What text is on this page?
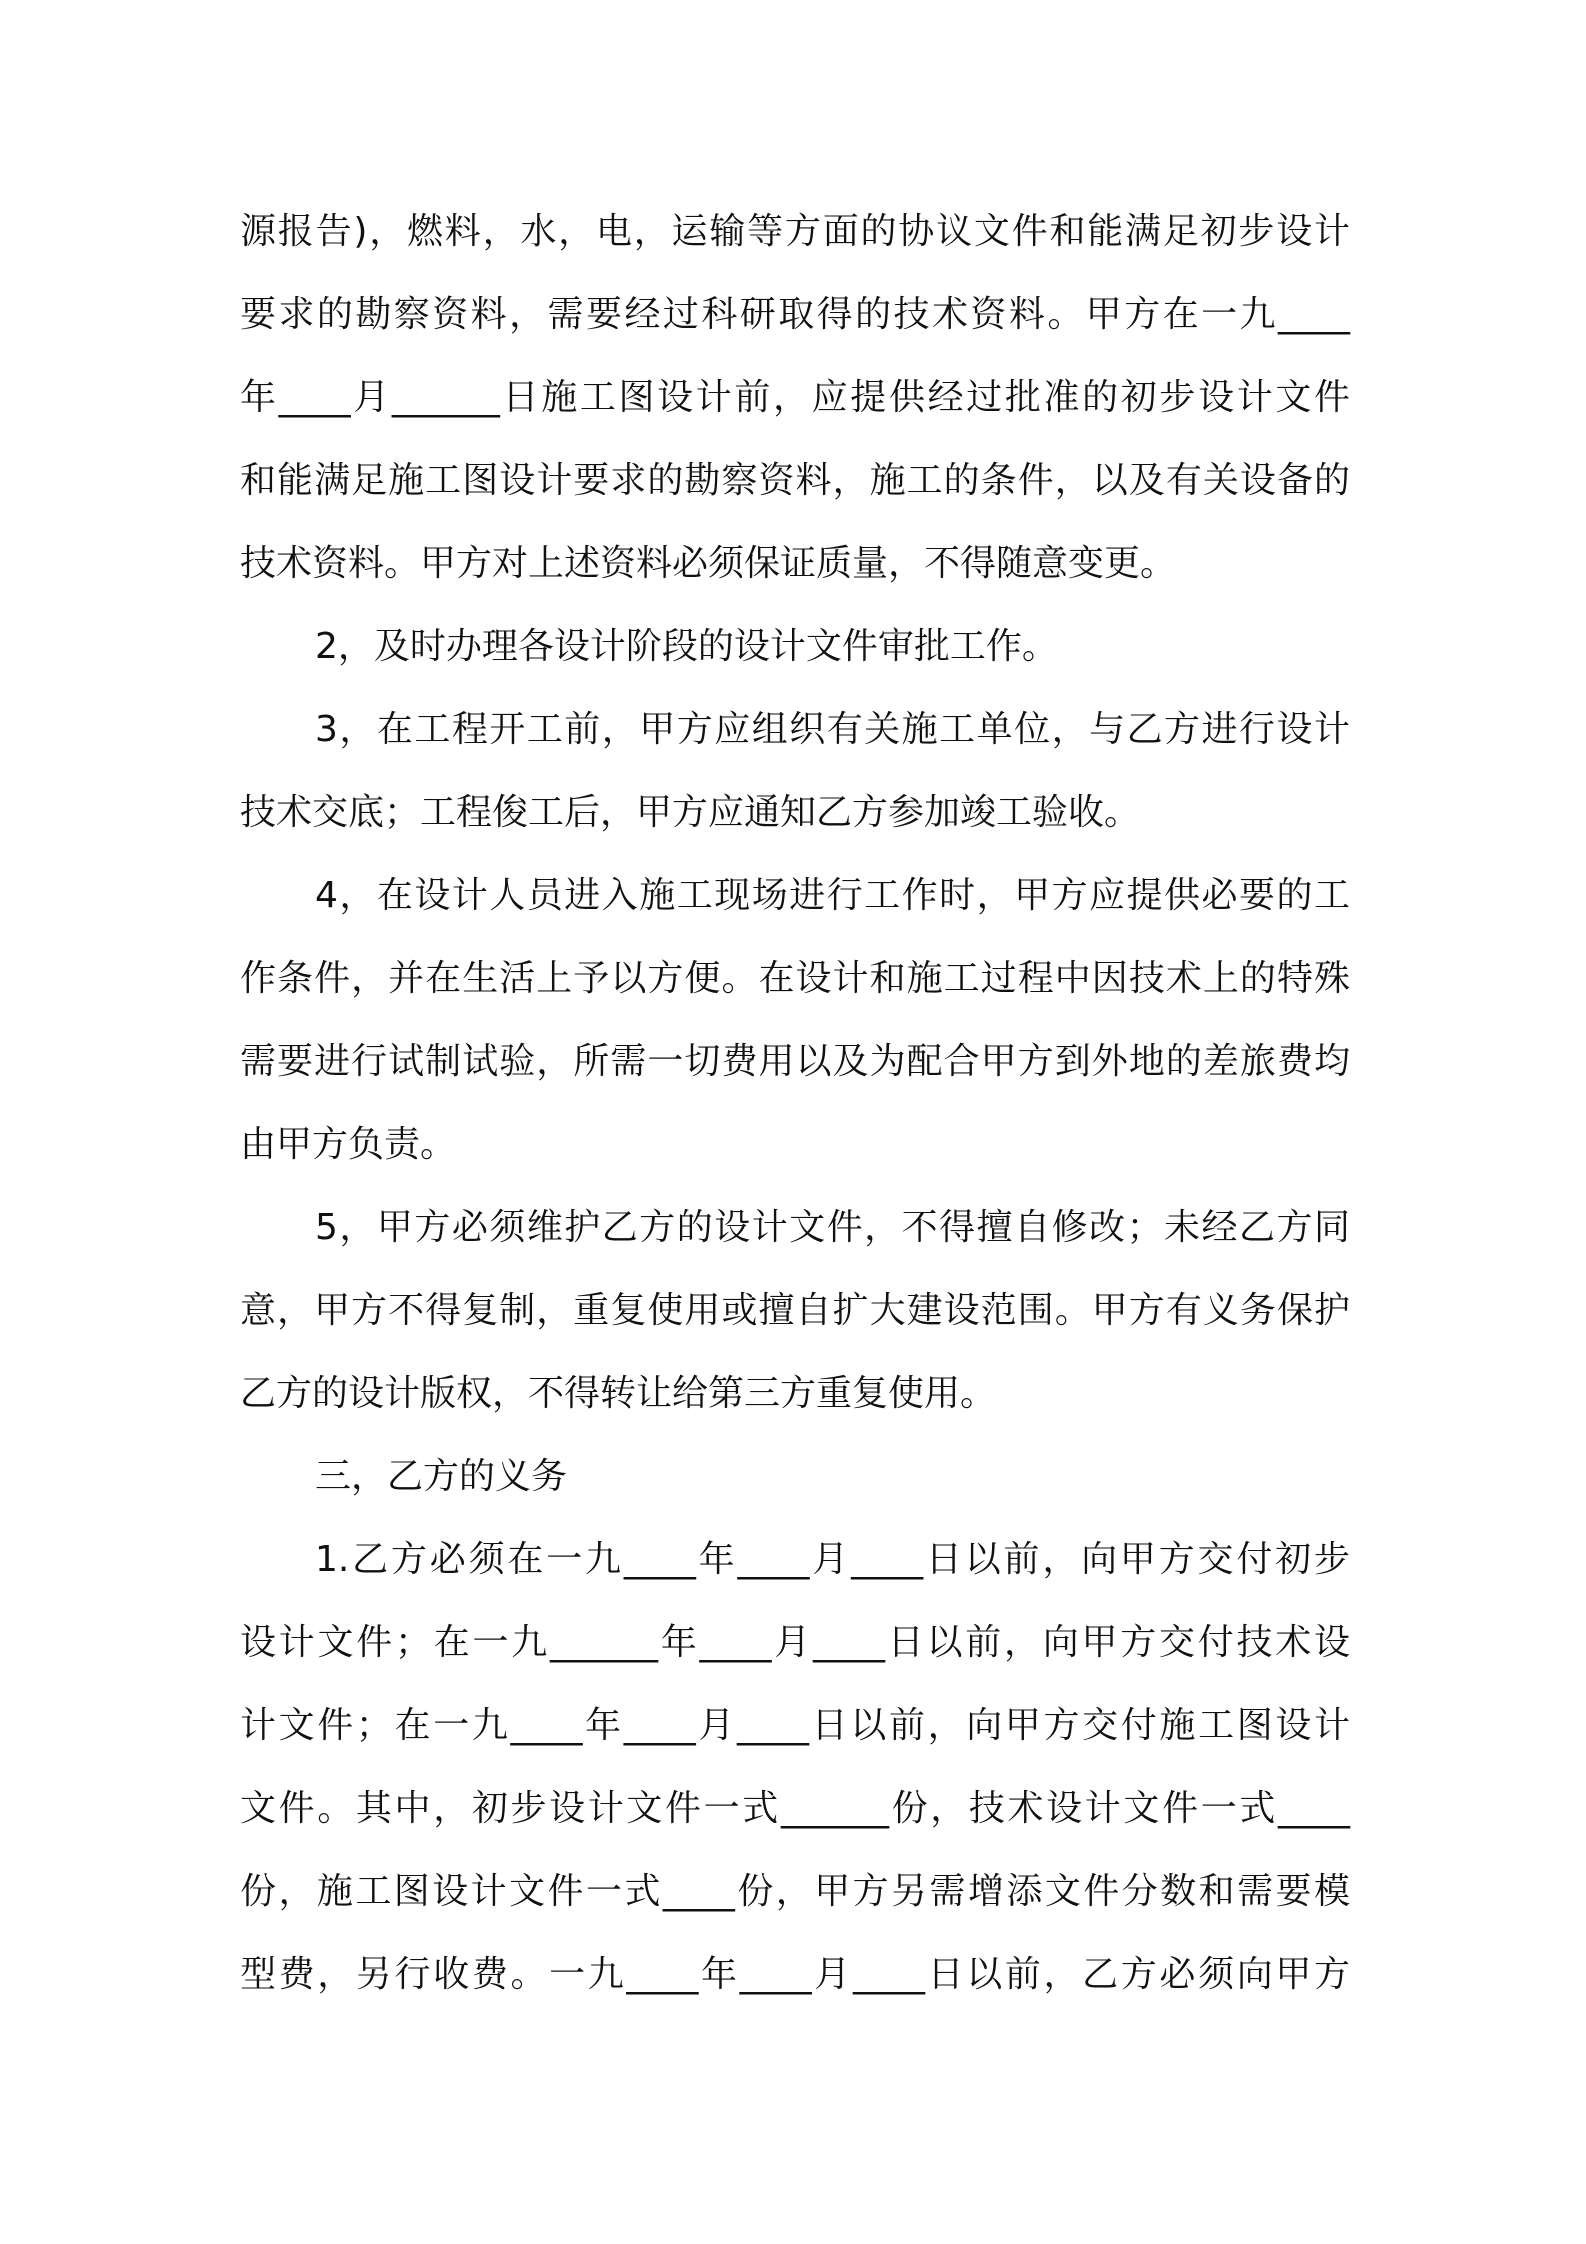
源报告)，燃料，水，电，运输等方面的协议文件和能满足初步设计
要求的勘察资料，需要经过科研取得的技术资料。甲方在一九____
年____月______日施工图设计前，应提供经过批准的初步设计文件
和能满足施工图设计要求的勘察资料，施工的条件，以及有关设备的
技术资料。甲方对上述资料必须保证质量，不得随意变更。
2，及时办理各设计阶段的设计文件审批工作。
3，在工程开工前，甲方应组织有关施工单位，与乙方进行设计
技术交底；工程俊工后，甲方应通知乙方参加竣工验收。
4，在设计人员进入施工现场进行工作时，甲方应提供必要的工
作条件，并在生活上予以方便。在设计和施工过程中因技术上的特殊
需要进行试制试验，所需一切费用以及为配合甲方到外地的差旅费均
由甲方负责。
5，甲方必须维护乙方的设计文件，不得擅自修改；未经乙方同
意，甲方不得复制，重复使用或擅自扩大建设范围。甲方有义务保护
乙方的设计版权，不得转让给第三方重复使用。
三，乙方的义务
1.乙方必须在一九____年____月____日以前，向甲方交付初步
设计文件；在一九______年____月____日以前，向甲方交付技术设
计文件；在一九____年____月____日以前，向甲方交付施工图设计
文件。其中，初步设计文件一式______份，技术设计文件一式____
份，施工图设计文件一式____份，甲方另需增添文件分数和需要模
型费，另行收费。一九____年____月____日以前，乙方必须向甲方
